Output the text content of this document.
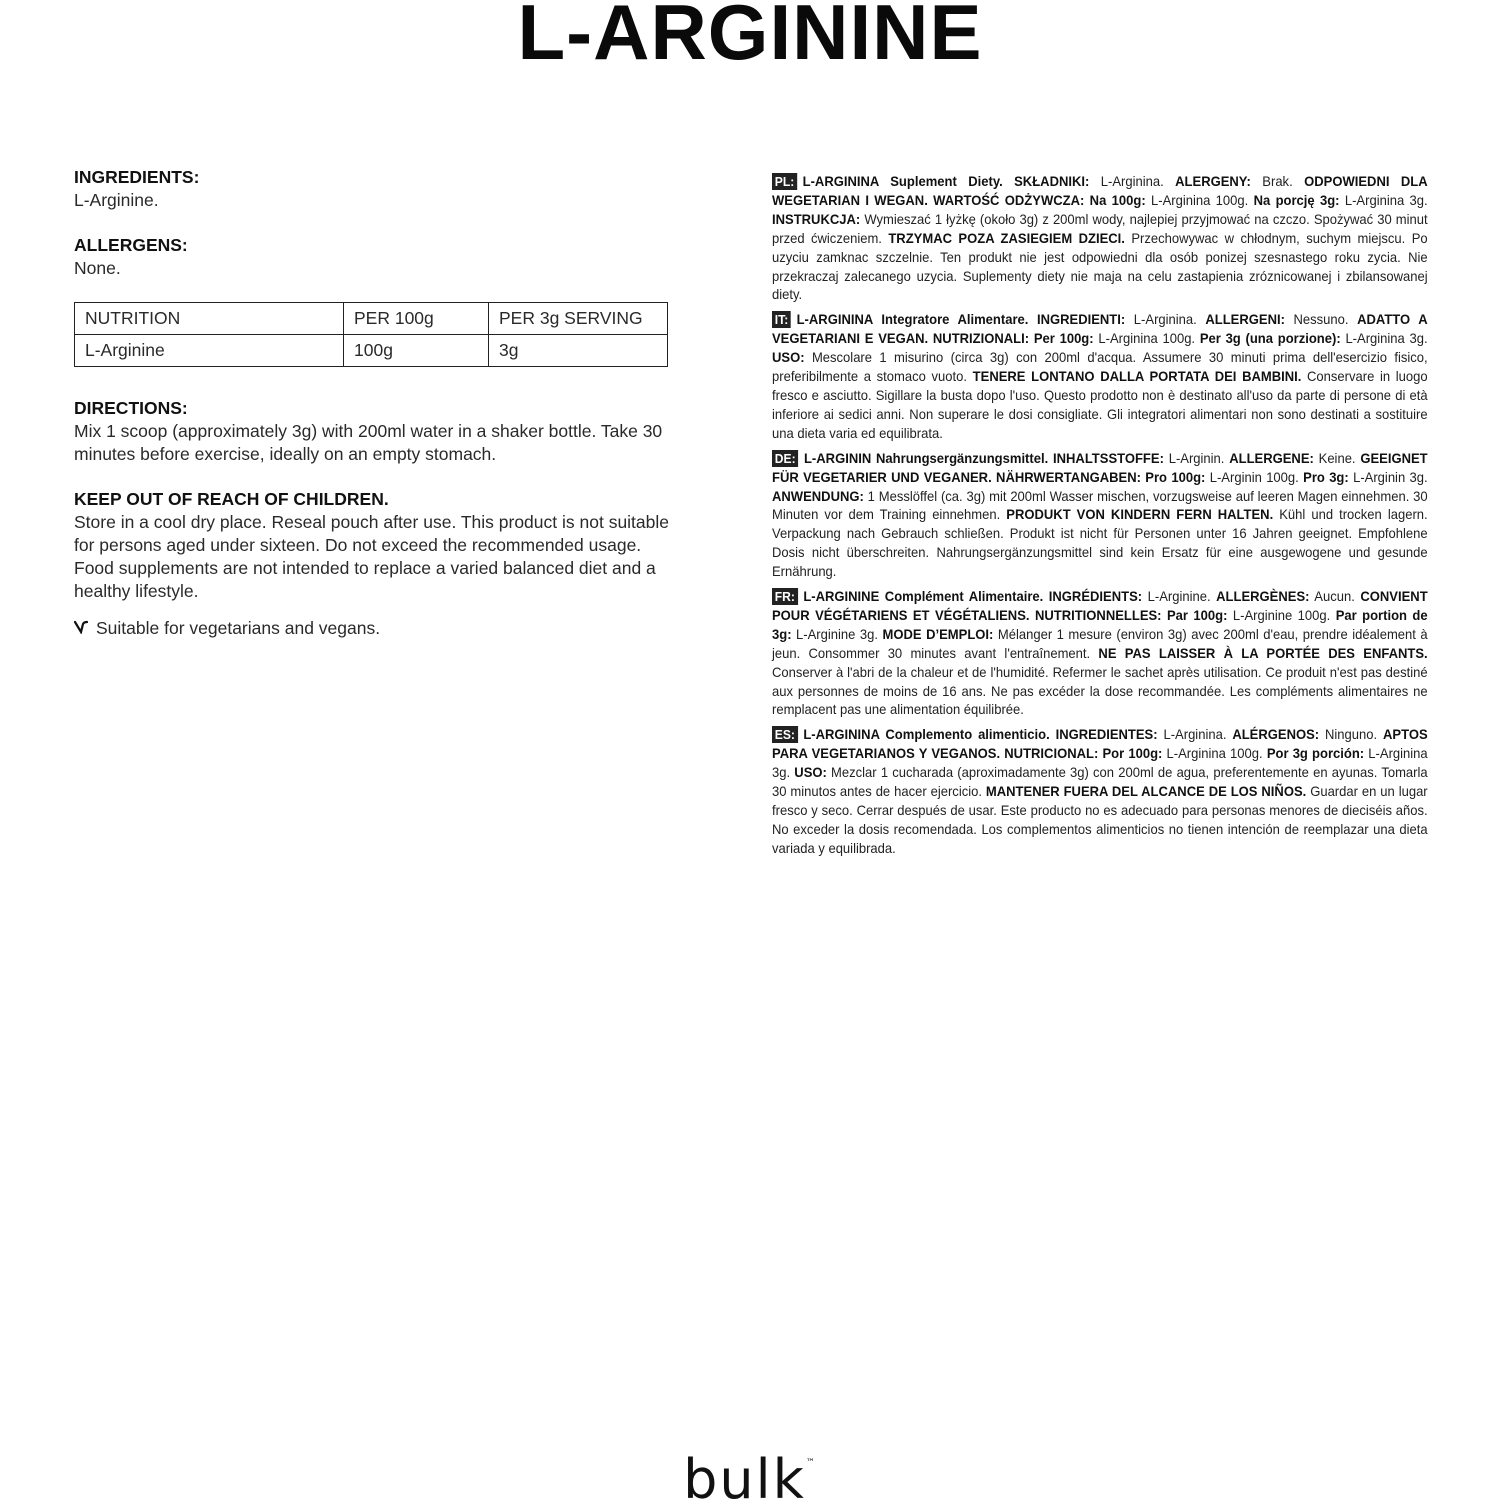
L-ARGININE
INGREDIENTS:
L-Arginine.
ALLERGENS:
None.
NUTRITION	PER 100g	PER 3g SERVING
L-Arginine	100g	3g
DIRECTIONS:
Mix 1 scoop (approximately 3g) with 200ml water in a shaker bottle. Take 30 minutes before exercise, ideally on an empty stomach.
KEEP OUT OF REACH OF CHILDREN.
Store in a cool dry place. Reseal pouch after use. This product is not suitable for persons aged under sixteen. Do not exceed the recommended usage. Food supplements are not intended to replace a varied balanced diet and a healthy lifestyle.
Suitable for vegetarians and vegans.
PL: L-ARGININA Suplement Diety. SKŁADNIKI: L-Arginina. ALERGENY: Brak. ODPOWIEDNI DLA WEGETARIAN I WEGAN. WARTOŚĆ ODŻYWCZA: Na 100g: L-Arginina 100g. Na porcję 3g: L-Arginina 3g. INSTRUKCJA: Wymieszać 1 łyżkę (około 3g) z 200ml wody, najlepiej przyjmować na czczo. Spożywać 30 minut przed ćwiczeniem. TRZYMAC POZA ZASIEGIEM DZIECI. Przechowywac w chłodnym, suchym miejscu. Po uzyciu zamknac szczelnie. Ten produkt nie jest odpowiedni dla osób ponizej szesnastego roku zycia. Nie przekraczaj zalecanego uzycia. Suplementy diety nie maja na celu zastapienia zróznicowanej i zbilansowanej diety.
IT: L-ARGININA Integratore Alimentare. INGREDIENTI: L-Arginina. ALLERGENI: Nessuno. ADATTO A VEGETARIANI E VEGAN. NUTRIZIONALI: Per 100g: L-Arginina 100g. Per 3g (una porzione): L-Arginina 3g. USO: Mescolare 1 misurino (circa 3g) con 200ml d'acqua. Assumere 30 minuti prima dell'esercizio fisico, preferibilmente a stomaco vuoto. TENERE LONTANO DALLA PORTATA DEI BAMBINI. Conservare in luogo fresco e asciutto. Sigillare la busta dopo l'uso. Questo prodotto non è destinato all'uso da parte di persone di età inferiore ai sedici anni. Non superare le dosi consigliate. Gli integratori alimentari non sono destinati a sostituire una dieta varia ed equilibrata.
DE: L-ARGININ Nahrungsergänzungsmittel. INHALTSSTOFFE: L-Arginin. ALLERGENE: Keine. GEEIGNET FÜR VEGETARIER UND VEGANER. NÄHRWERTANGABEN: Pro 100g: L-Arginin 100g. Pro 3g: L-Arginin 3g. ANWENDUNG: 1 Messlöffel (ca. 3g) mit 200ml Wasser mischen, vorzugsweise auf leeren Magen einnehmen. 30 Minuten vor dem Training einnehmen. PRODUKT VON KINDERN FERN HALTEN. Kühl und trocken lagern. Verpackung nach Gebrauch schließen. Produkt ist nicht für Personen unter 16 Jahren geeignet. Empfohlene Dosis nicht überschreiten. Nahrungsergänzungsmittel sind kein Ersatz für eine ausgewogene und gesunde Ernährung.
FR: L-ARGININE Complément Alimentaire. INGRÉDIENTS: L-Arginine. ALLERGÈNES: Aucun. CONVIENT POUR VÉGÉTARIENS ET VÉGÉTALIENS. NUTRITIONNELLES: Par 100g: L-Arginine 100g. Par portion de 3g: L-Arginine 3g. MODE D’EMPLOI: Mélanger 1 mesure (environ 3g) avec 200ml d'eau, prendre idéalement à jeun. Consommer 30 minutes avant l'entraînement. NE PAS LAISSER À LA PORTÉE DES ENFANTS. Conserver à l'abri de la chaleur et de l'humidité. Refermer le sachet après utilisation. Ce produit n'est pas destiné aux personnes de moins de 16 ans. Ne pas excéder la dose recommandée. Les compléments alimentaires ne remplacent pas une alimentation équilibrée.
ES: L-ARGININA Complemento alimenticio. INGREDIENTES: L-Arginina. ALÉRGENOS: Ninguno. APTOS PARA VEGETARIANOS Y VEGANOS. NUTRICIONAL: Por 100g: L-Arginina 100g. Por 3g porción: L-Arginina 3g. USO: Mezclar 1 cucharada (aproximadamente 3g) con 200ml de agua, preferentemente en ayunas. Tomarla 30 minutos antes de hacer ejercicio. MANTENER FUERA DEL ALCANCE DE LOS NIÑOS. Guardar en un lugar fresco y seco. Cerrar después de usar. Este producto no es adecuado para personas menores de dieciséis años. No exceder la dosis recomendada. Los complementos alimenticios no tienen intención de reemplazar una dieta variada y equilibrada.
bulk™
